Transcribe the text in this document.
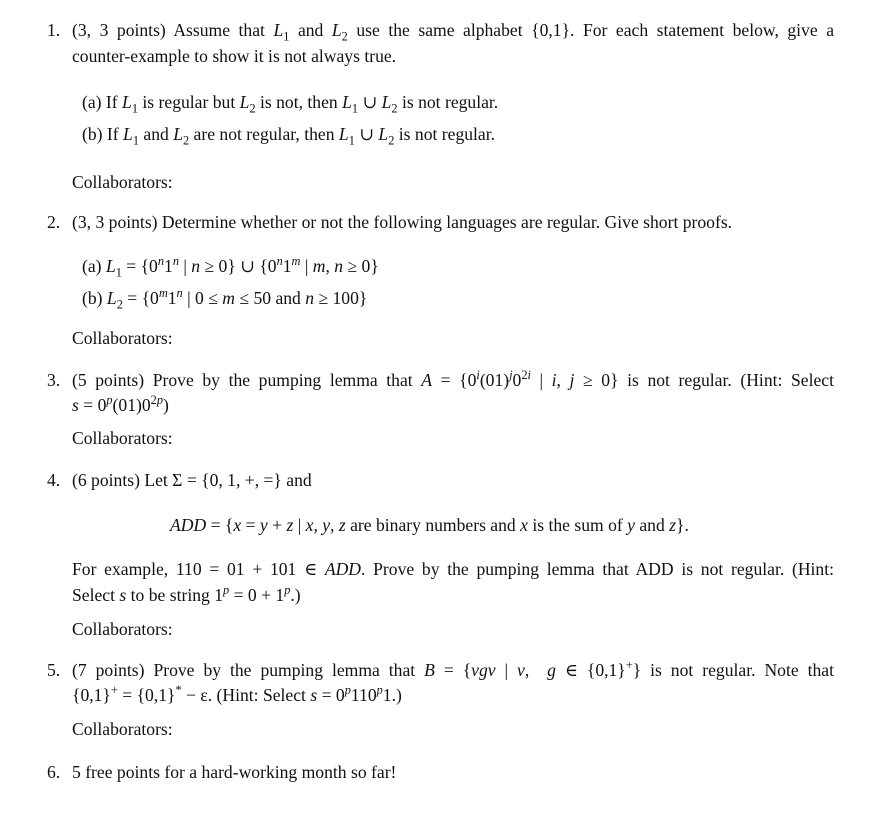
1. (3, 3 points) Assume that $L_1$ and $L_2$ use the same alphabet {0,1}. For each statement below, give a
counter-example to show it is not always true.
(a) If $L_1$ is regular but $L_2$ is not, then $L_1$ ∪ $L_2$ is not regular.
(b) If $L_1$ and $L_2$ are not regular, then $L_1$ ∪ $L_2$ is not regular.
Collaborators:
2. (3, 3 points) Determine whether or not the following languages are regular. Give short proofs.
(a) $L_1 = \{0^n1^n$ | n ≥ 0} ∪ {0$^n$1$^m$ | m, n ≥ 0}
(b) $L_2 = \{0^m1^n$ | 0 ≤ m ≤ 50 and n ≥ 100}
Collaborators:
3. (5 points) Prove by the pumping lemma that $A = \{0^i(01)^j0^{2i}$ | i, j ≥ 0} is not regular. (Hint: Select
$s = 0^p(01)0^{2p}$)
Collaborators:
4. (6 points) Let Σ = {0, 1, +, =} and
ADD = {x = y + z | x, y, z are binary numbers and x is the sum of y and z}.
For example, 110 = 01 + 101 ∈ ADD. Prove by the pumping lemma that ADD is not regular. (Hint:
Select s to be string $1^p = 0 + 1^p$.)
Collaborators:
5. (7 points) Prove by the pumping lemma that B = {vgv | v,  g ∈ {0,1}+} is not regular. Note that
{0,1}+ = {0,1}* − ε. (Hint: Select $s = 0^p110^p1$.)
Collaborators:
6. 5 free points for a hard-working month so far!
